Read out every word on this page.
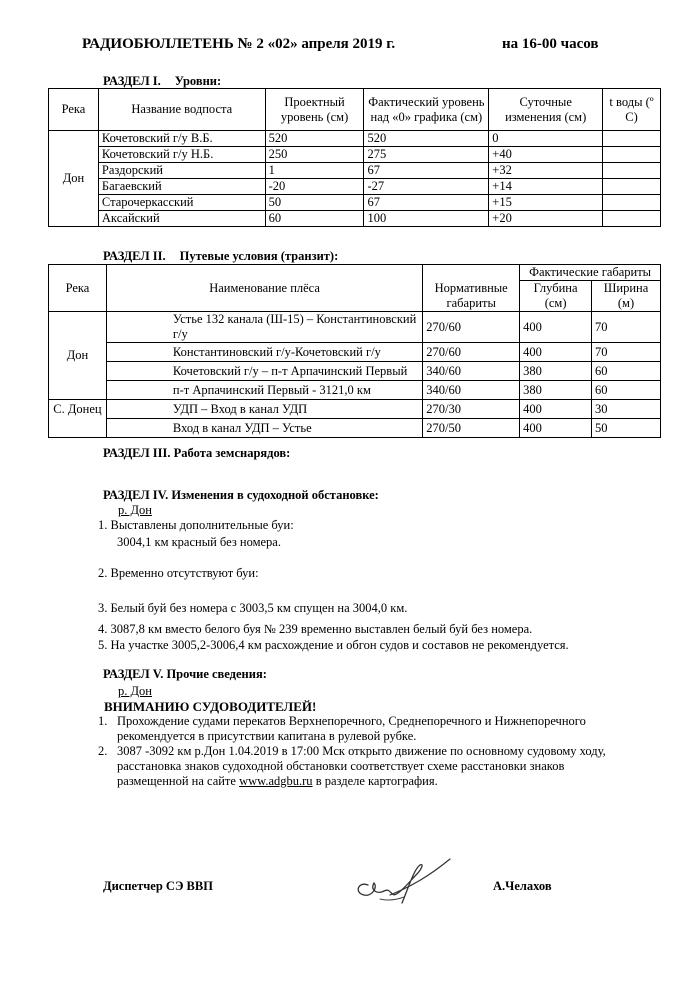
РАДИОБЮЛЛЕТЕНЬ № 2 «02» апреля 2019 г.	на 16-00 часов
РАЗДЕЛ I. Уровни:
Река	Название водпоста	Проектный уровень (см)	Фактический уровень над «0» графика (см)	Суточные изменения (см)	t воды (º С)
Дон	Кочетовский г/у В.Б.	520	520	0	
	Кочетовский г/у Н.Б.	250	275	+40	
	Раздорский	1	67	+32	
	Багаевский	-20	-27	+14	
	Старочеркасский	50	67	+15	
	Аксайский	60	100	+20	
РАЗДЕЛ II. Путевые условия (транзит):
Река	Наименование плёса	Нормативные габариты	Фактические габариты	
			Глубина (см)	Ширина (м)
Дон	Устье 132 канала (Ш-15) – Константиновский г/у	270/60	400	70
	Константиновский г/у-Кочетовский г/у	270/60	400	70
	Кочетовский г/у – п-т Арпачинский Первый	340/60	380	60
	п-т Арпачинский Первый - 3121,0 км	340/60	380	60
С. Донец	УДП – Вход в канал УДП	270/30	400	30
	Вход в канал УДП – Устье	270/50	400	50
РАЗДЕЛ III. Работа земснарядов:
РАЗДЕЛ IV. Изменения в судоходной обстановке:
р. Дон
1. Выставлены дополнительные буи:
3004,1 км красный без номера.
2. Временно отсутствуют буи:
3. Белый буй без номера с 3003,5 км спущен на 3004,0 км.
4. 3087,8 км вместо белого буя № 239 временно выставлен белый буй без номера.
5. На участке 3005,2-3006,4 км расхождение и обгон судов и составов не рекомендуется.
РАЗДЕЛ V. Прочие сведения:
р. Дон
ВНИМАНИЮ СУДОВОДИТЕЛЕЙ!
1. Прохождение судами перекатов Верхнепоречного, Среднепоречного и Нижнепоречного
рекомендуется в присутствии капитана в рулевой рубке.
2. 3087 -3092 км р.Дон 1.04.2019 в 17:00 Мск открыто движение по основному судовому ходу,
расстановка знаков судоходной обстановки соответствует схеме расстановки знаков
размещенной на сайте www.adgbu.ru в разделе картография.
Диспетчер СЭ ВВП	А.Челахов
